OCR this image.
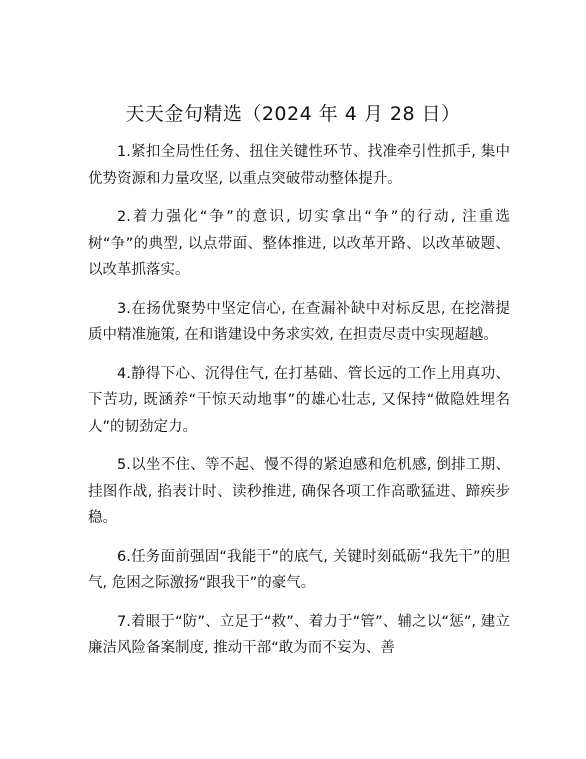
天天金句精选（2024 年 4 月 28 日）

1.紧扣全局性任务、扭住关键性环节、找准牵引性抓手, 集中优势资源和力量攻坚, 以重点突破带动整体提升。

2.着力强化“争”的意识, 切实拿出“争”的行动, 注重选树“争”的典型, 以点带面、整体推进, 以改革开路、以改革破题、以改革抓落实。

3.在扬优聚势中坚定信心, 在查漏补缺中对标反思, 在挖潜提质中精准施策, 在和谐建设中务求实效, 在担责尽责中实现超越。

4.静得下心、沉得住气, 在打基础、管长远的工作上用真功、下苦功, 既涵养“干惊天动地事”的雄心壮志, 又保持“做隐姓埋名人”的韧劲定力。

5.以坐不住、等不起、慢不得的紧迫感和危机感, 倒排工期、挂图作战, 掐表计时、读秒推进, 确保各项工作高歌猛进、蹄疾步稳。

6.任务面前强固“我能干”的底气, 关键时刻砥砺“我先干”的胆气, 危困之际激扬“跟我干”的豪气。

7.着眼于“防”、立足于“救”、着力于“管”、辅之以“惩”, 建立廉洁风险备案制度, 推动干部“敢为而不妄为、善
